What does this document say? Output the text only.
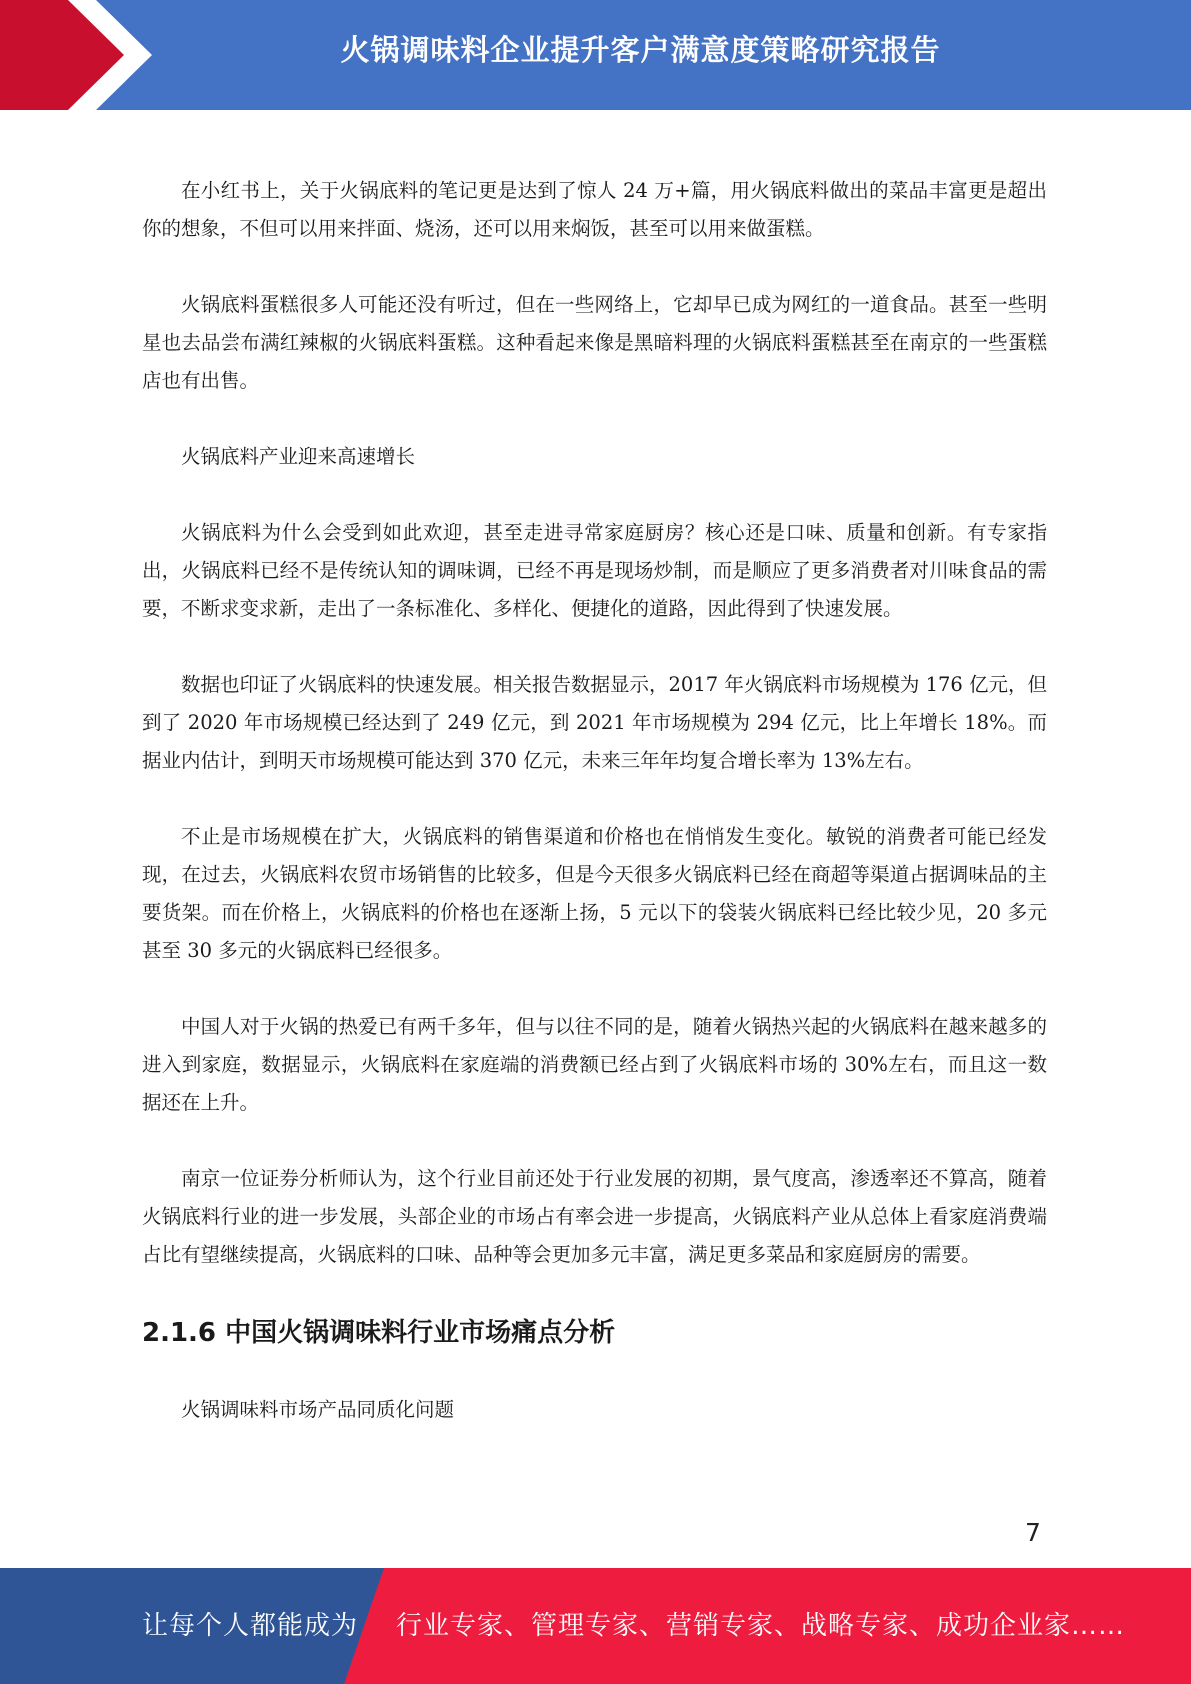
火锅调味料企业提升客户满意度策略研究报告

在小红书上，关于火锅底料的笔记更是达到了惊人 24 万+篇，用火锅底料做出的菜品丰富更是超出你的想象，不但可以用来拌面、烧汤，还可以用来焖饭，甚至可以用来做蛋糕。

火锅底料蛋糕很多人可能还没有听过，但在一些网络上，它却早已成为网红的一道食品。甚至一些明星也去品尝布满红辣椒的火锅底料蛋糕。这种看起来像是黑暗料理的火锅底料蛋糕甚至在南京的一些蛋糕店也有出售。

火锅底料产业迎来高速增长

火锅底料为什么会受到如此欢迎，甚至走进寻常家庭厨房？核心还是口味、质量和创新。有专家指出，火锅底料已经不是传统认知的调味调，已经不再是现场炒制，而是顺应了更多消费者对川味食品的需要，不断求变求新，走出了一条标准化、多样化、便捷化的道路，因此得到了快速发展。

数据也印证了火锅底料的快速发展。相关报告数据显示，2017 年火锅底料市场规模为 176 亿元，但到了 2020 年市场规模已经达到了 249 亿元，到 2021 年市场规模为 294 亿元，比上年增长 18%。而据业内估计，到明天市场规模可能达到 370 亿元，未来三年年均复合增长率为 13%左右。

不止是市场规模在扩大，火锅底料的销售渠道和价格也在悄悄发生变化。敏锐的消费者可能已经发现，在过去，火锅底料农贸市场销售的比较多，但是今天很多火锅底料已经在商超等渠道占据调味品的主要货架。而在价格上，火锅底料的价格也在逐渐上扬，5 元以下的袋装火锅底料已经比较少见，20 多元甚至 30 多元的火锅底料已经很多。

中国人对于火锅的热爱已有两千多年，但与以往不同的是，随着火锅热兴起的火锅底料在越来越多的进入到家庭，数据显示，火锅底料在家庭端的消费额已经占到了火锅底料市场的 30%左右，而且这一数据还在上升。

南京一位证券分析师认为，这个行业目前还处于行业发展的初期，景气度高，渗透率还不算高，随着火锅底料行业的进一步发展，头部企业的市场占有率会进一步提高，火锅底料产业从总体上看家庭消费端占比有望继续提高，火锅底料的口味、品种等会更加多元丰富，满足更多菜品和家庭厨房的需要。

2.1.6 中国火锅调味料行业市场痛点分析

火锅调味料市场产品同质化问题

7
让每个人都能成为 行业专家、管理专家、营销专家、战略专家、成功企业家……
